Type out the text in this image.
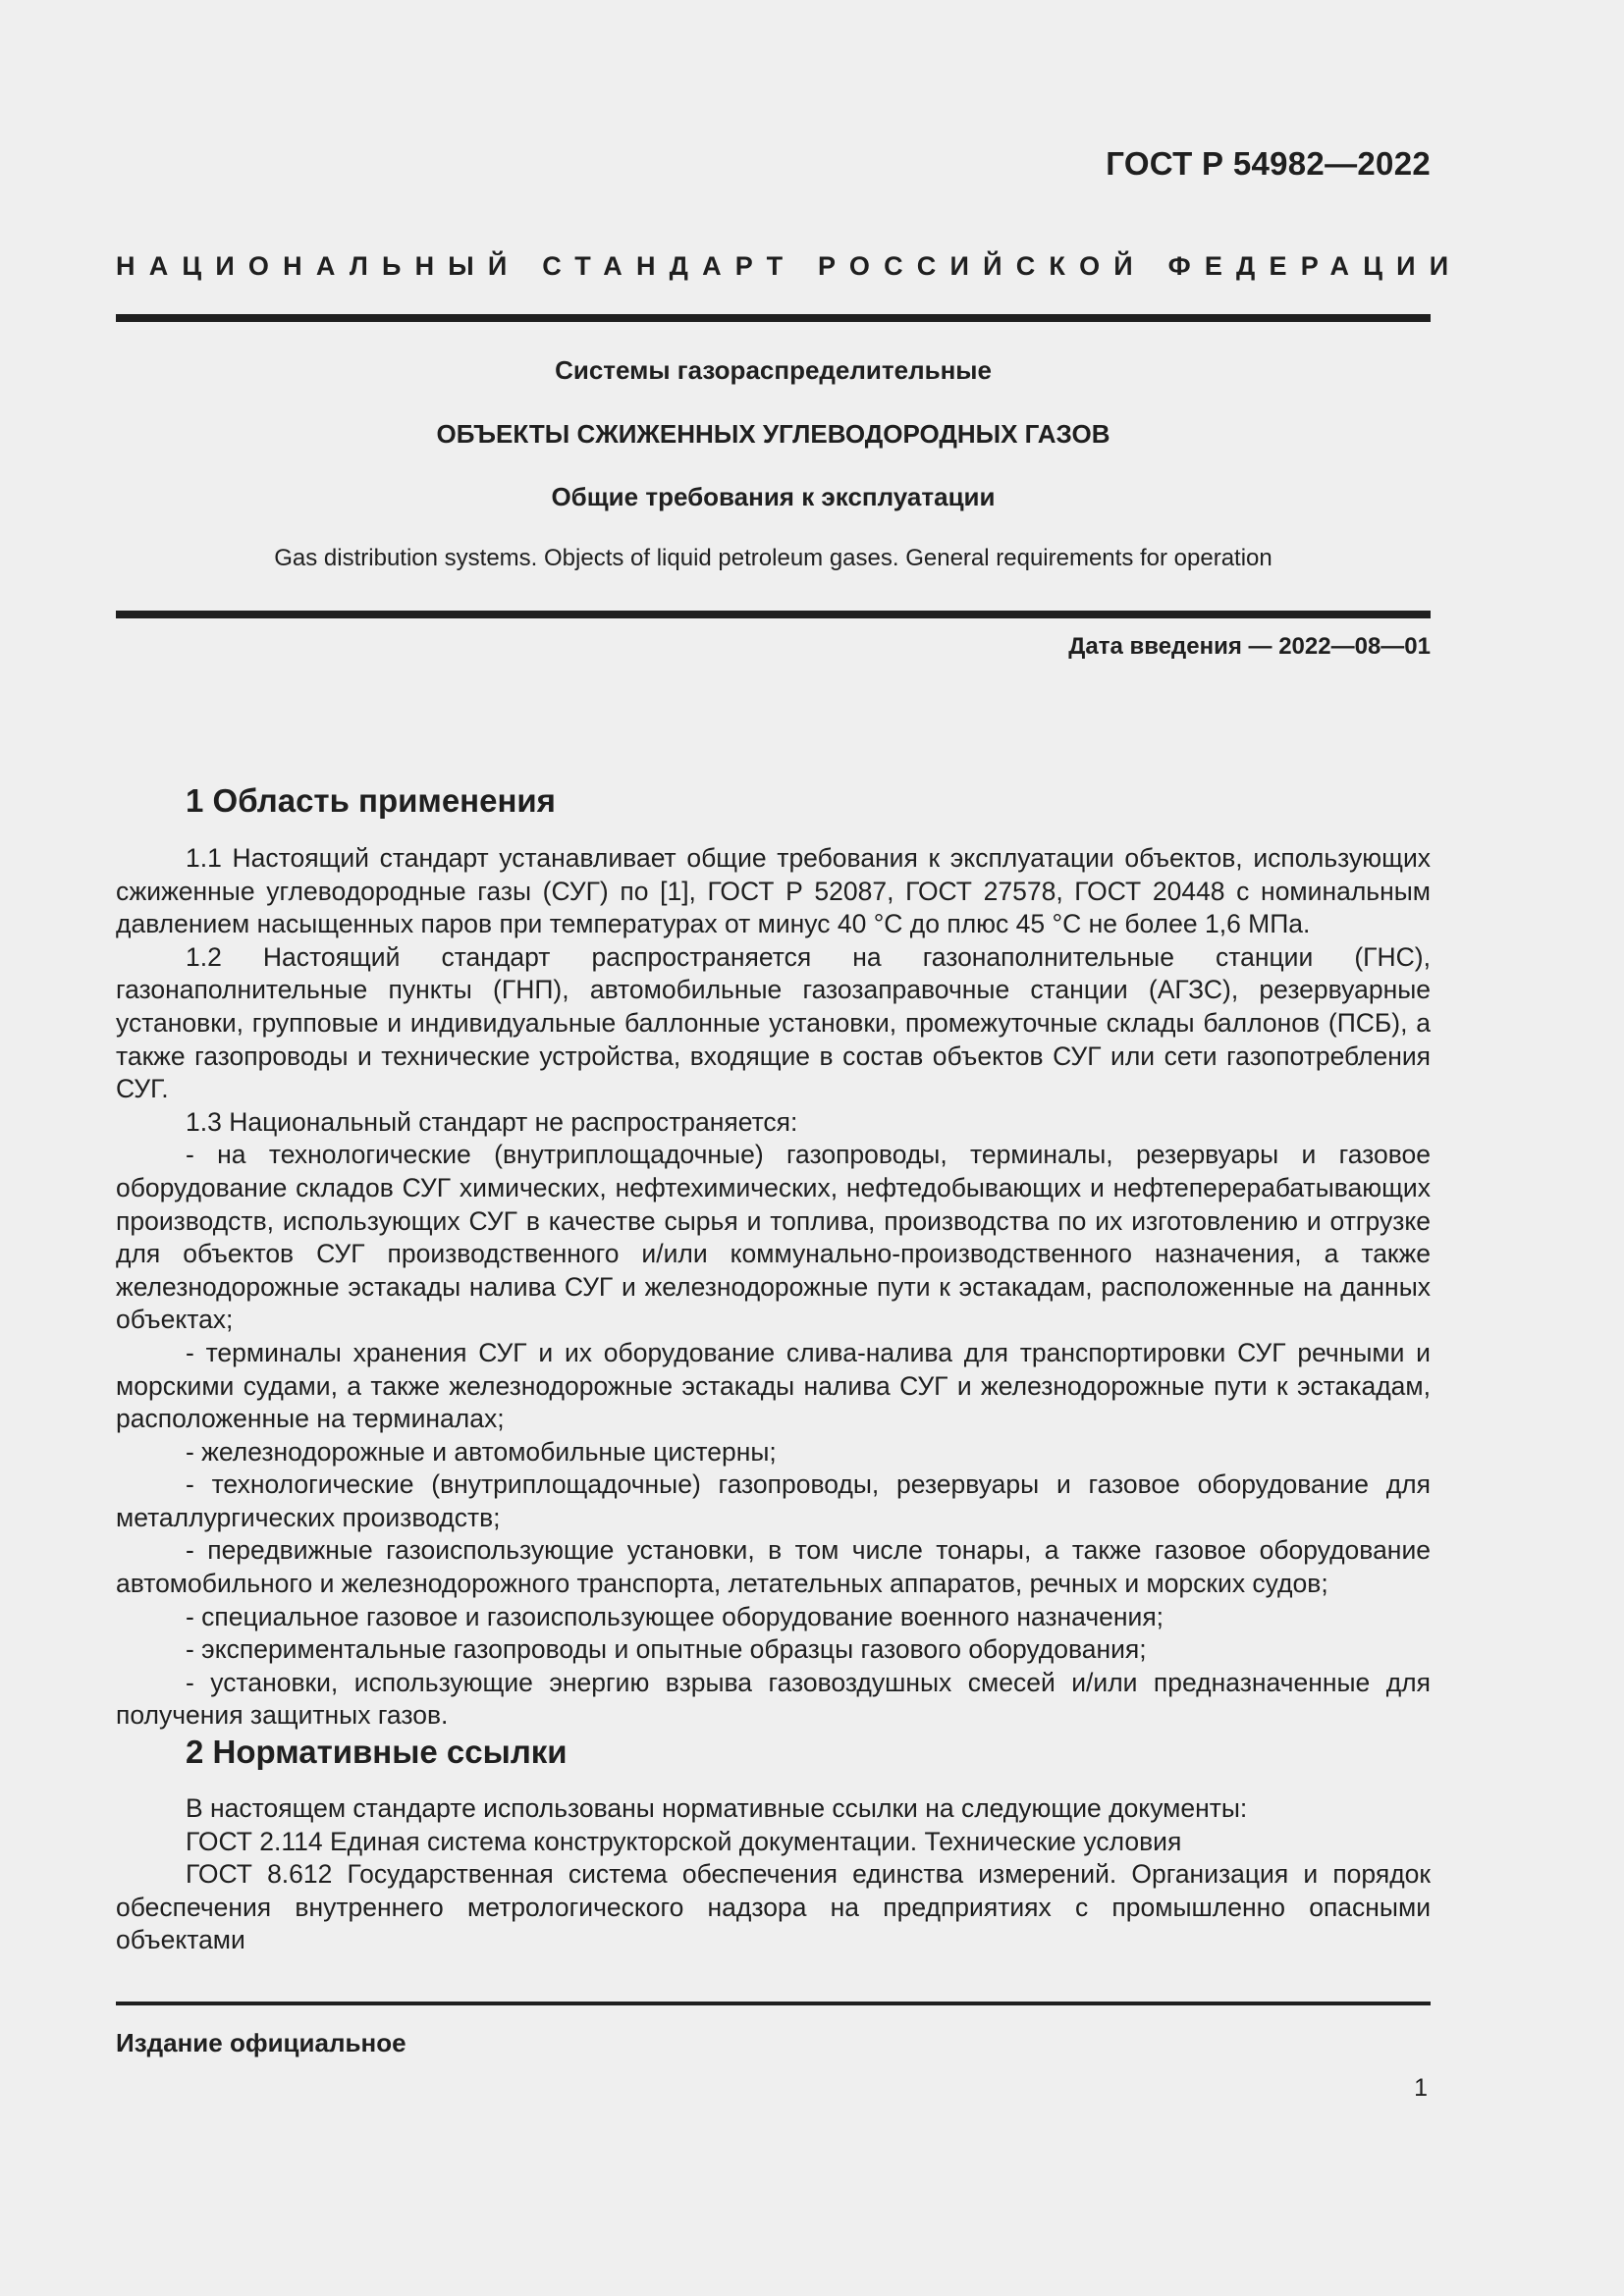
ГОСТ Р 54982—2022
НАЦИОНАЛЬНЫЙ СТАНДАРТ РОССИЙСКОЙ ФЕДЕРАЦИИ
Системы газораспределительные
ОБЪЕКТЫ СЖИЖЕННЫХ УГЛЕВОДОРОДНЫХ ГАЗОВ
Общие требования к эксплуатации
Gas distribution systems. Objects of liquid petroleum gases. General requirements for operation
Дата введения — 2022—08—01
1 Область применения

1.1 Настоящий стандарт устанавливает общие требования к эксплуатации объектов, использующих сжиженные углеводородные газы (СУГ) по [1], ГОСТ Р 52087, ГОСТ 27578, ГОСТ 20448 с номинальным давлением насыщенных паров при температурах от минус 40 °С до плюс 45 °С не более 1,6 МПа.

1.2 Настоящий стандарт распространяется на газонаполнительные станции (ГНС), газонаполнительные пункты (ГНП), автомобильные газозаправочные станции (АГЗС), резервуарные установки, групповые и индивидуальные баллонные установки, промежуточные склады баллонов (ПСБ), а также газопроводы и технические устройства, входящие в состав объектов СУГ или сети газопотребления СУГ.

1.3 Национальный стандарт не распространяется:

- на технологические (внутриплощадочные) газопроводы, терминалы, резервуары и газовое оборудование складов СУГ химических, нефтехимических, нефтедобывающих и нефтеперерабатывающих производств, использующих СУГ в качестве сырья и топлива, производства по их изготовлению и отгрузке для объектов СУГ производственного и/или коммунально-производственного назначения, а также железнодорожные эстакады налива СУГ и железнодорожные пути к эстакадам, расположенные на данных объектах;

- терминалы хранения СУГ и их оборудование слива-налива для транспортировки СУГ речными и морскими судами, а также железнодорожные эстакады налива СУГ и железнодорожные пути к эстакадам, расположенные на терминалах;

- железнодорожные и автомобильные цистерны;

- технологические (внутриплощадочные) газопроводы, резервуары и газовое оборудование для металлургических производств;

- передвижные газоиспользующие установки, в том числе тонары, а также газовое оборудование автомобильного и железнодорожного транспорта, летательных аппаратов, речных и морских судов;

- специальное газовое и газоиспользующее оборудование военного назначения;

- экспериментальные газопроводы и опытные образцы газового оборудования;

- установки, использующие энергию взрыва газовоздушных смесей и/или предназначенные для получения защитных газов.

2 Нормативные ссылки

В настоящем стандарте использованы нормативные ссылки на следующие документы:

ГОСТ 2.114 Единая система конструкторской документации. Технические условия

ГОСТ 8.612 Государственная система обеспечения единства измерений. Организация и порядок обеспечения внутреннего метрологического надзора на предприятиях с промышленно опасными объектами

Издание официальное
1
